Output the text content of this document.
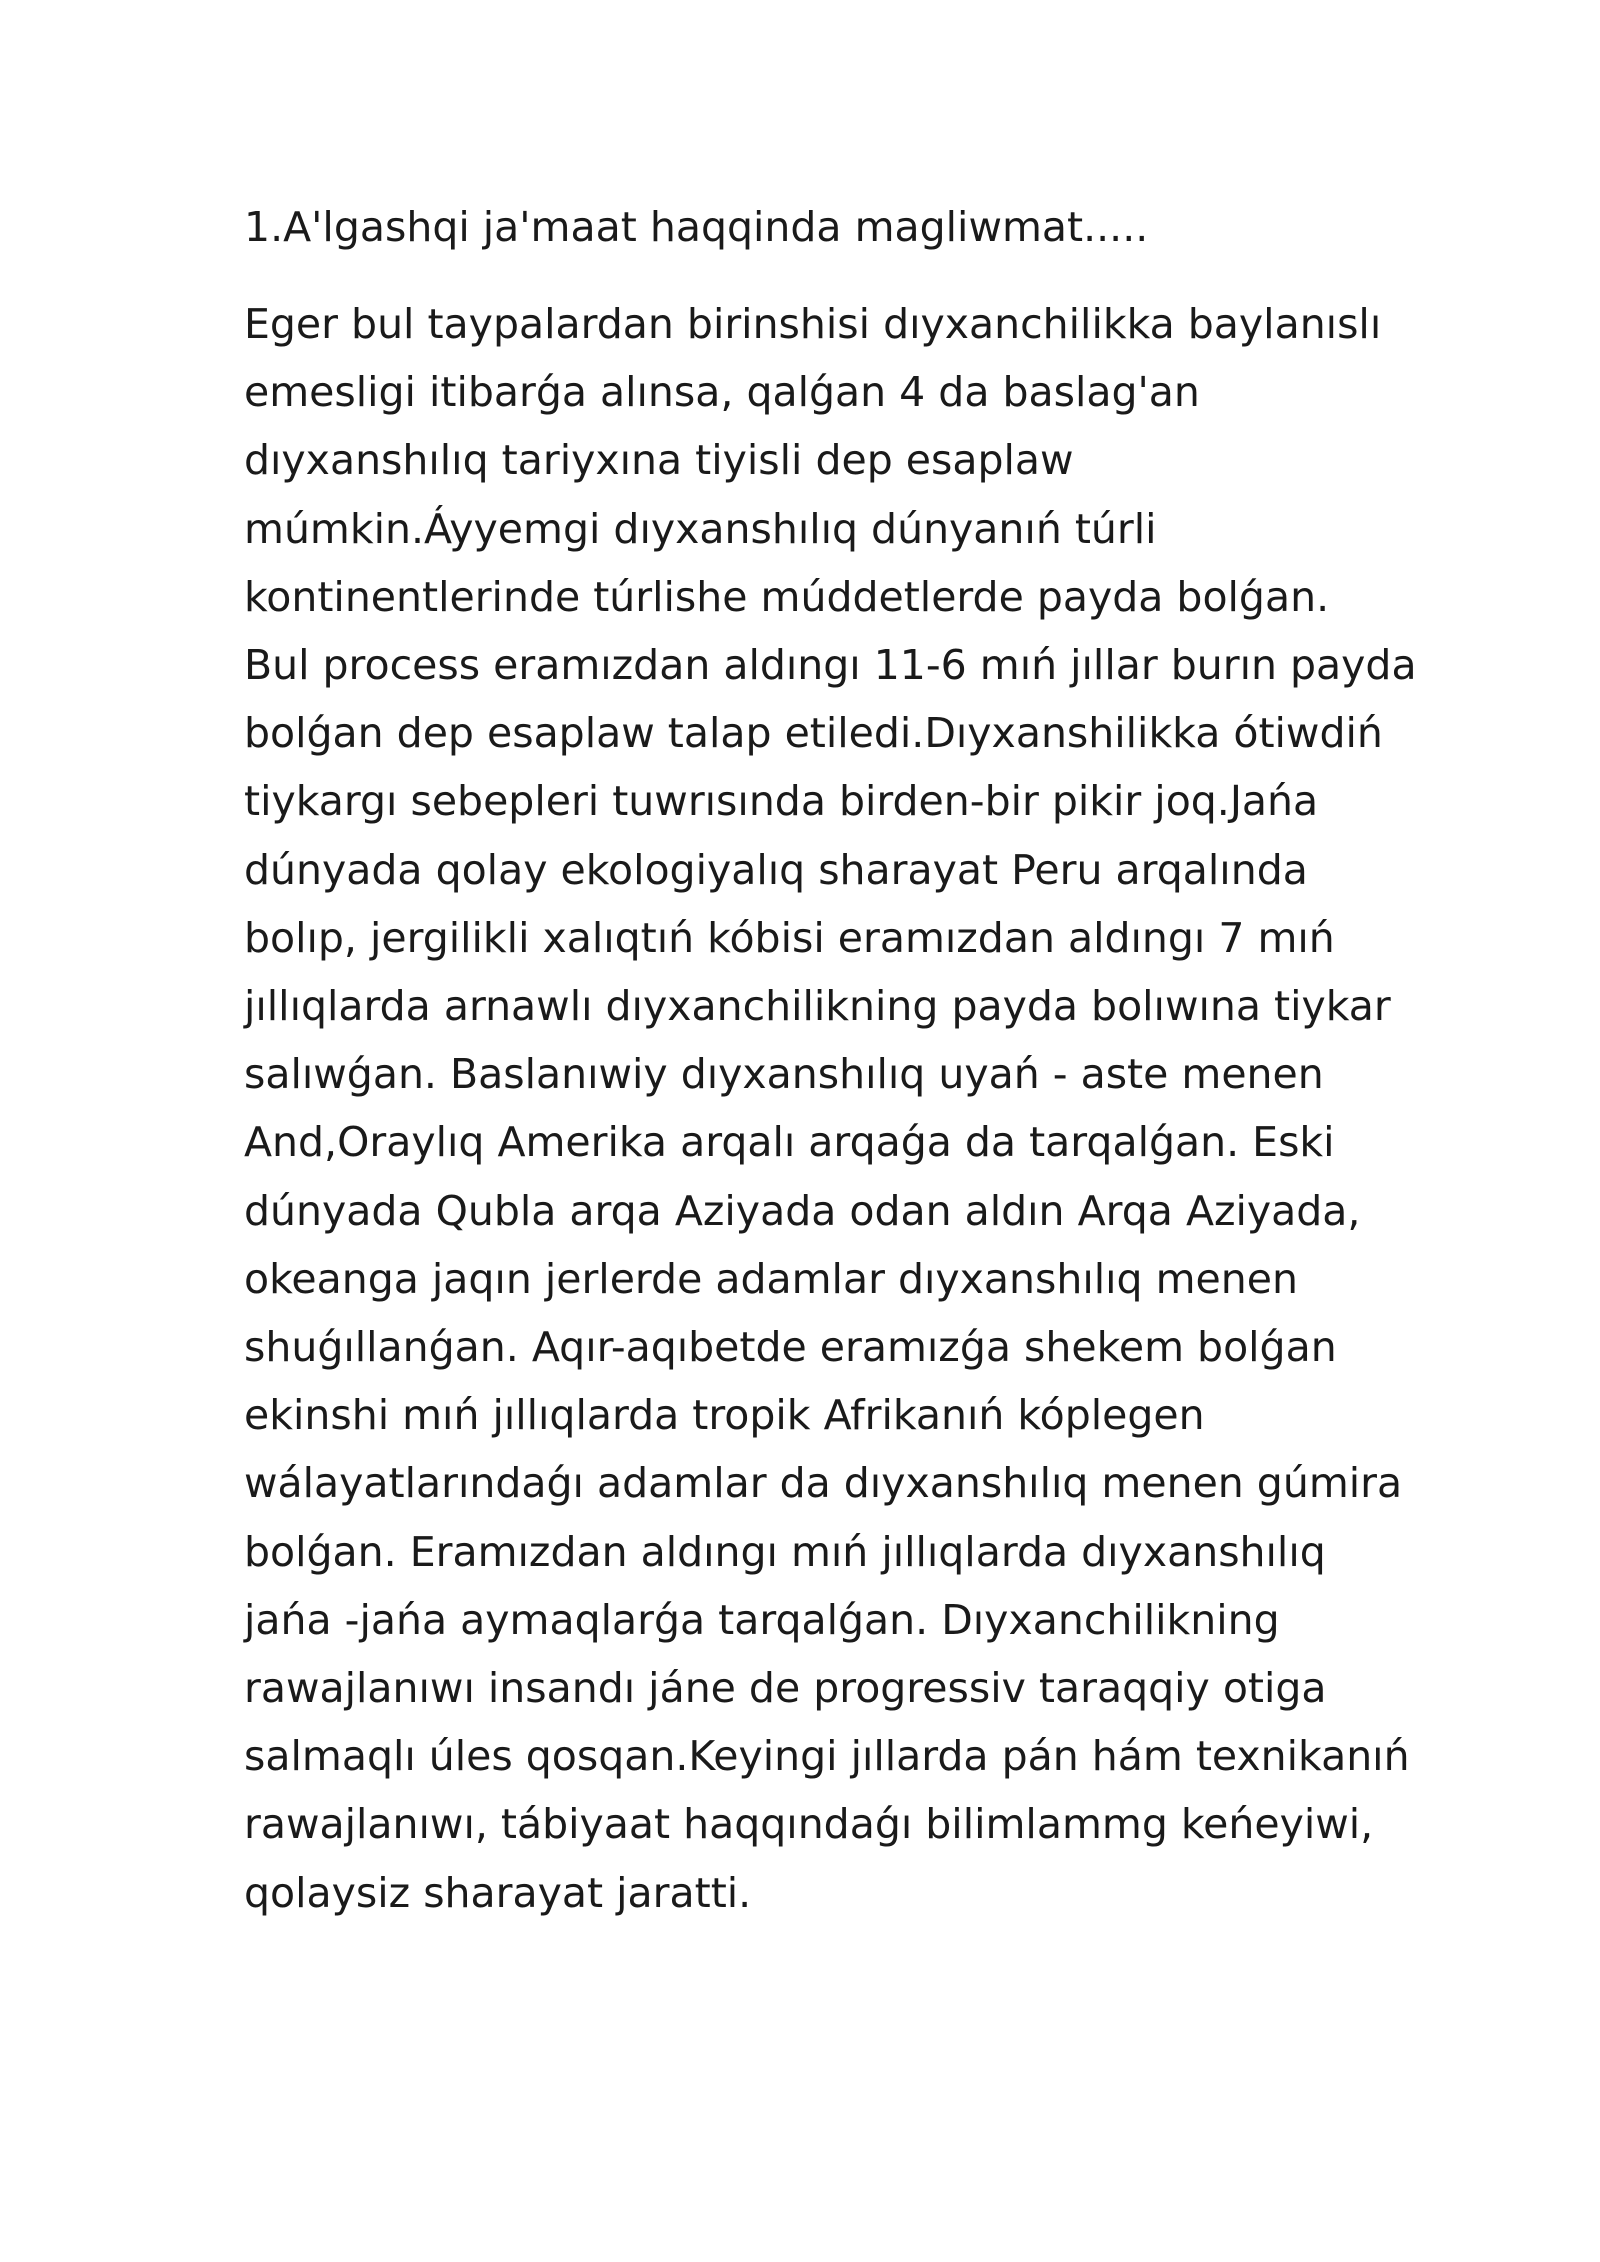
1.A'lgashqi ja'maat haqqinda magliwmat.....

Eger bul taypalardan birinshisi dıyxanchilikka baylanıslı
emesligi itibarǵa alınsa, qalǵan 4 da baslag'an
dıyxanshılıq tariyxına tiyisli dep esaplaw
múmkin.Áyyemgi dıyxanshılıq dúnyanıń túrli
kontinentlerinde túrlishe múddetlerde payda bolǵan.
Bul process eramızdan aldıngı 11-6 mıń jıllar burın payda
bolǵan dep esaplaw talap etiledi.Dıyxanshilikka ótiwdiń
tiykargı sebepleri tuwrısında birden-bir pikir joq.Jańa
dúnyada qolay ekologiyalıq sharayat Peru arqalında
bolıp, jergilikli xalıqtıń kóbisi eramızdan aldıngı 7 mıń
jıllıqlarda arnawlı dıyxanchilikning payda bolıwına tiykar
salıwǵan. Baslanıwiy dıyxanshılıq uyań - aste menen
And,Oraylıq Amerika arqalı arqaǵa da tarqalǵan. Eski
dúnyada Qubla arqa Aziyada odan aldın Arqa Aziyada,
okeanga jaqın jerlerde adamlar dıyxanshılıq menen
shuǵıllanǵan. Aqır-aqıbetde eramızǵa shekem bolǵan
ekinshi mıń jıllıqlarda tropik Afrikanıń kóplegen
wálayatlarındaǵı adamlar da dıyxanshılıq menen gúmira
bolǵan. Eramızdan aldıngı mıń jıllıqlarda dıyxanshılıq
jańa -jańa aymaqlarǵa tarqalǵan. Dıyxanchilikning
rawajlanıwı insandı jáne de progressiv taraqqiy otiga
salmaqlı úles qosqan.Keyingi jıllarda pán hám texnikanıń
rawajlanıwı, tábiyaat haqqındaǵı bilimlammg keńeyiwi,
qolaysiz sharayat jaratti.
